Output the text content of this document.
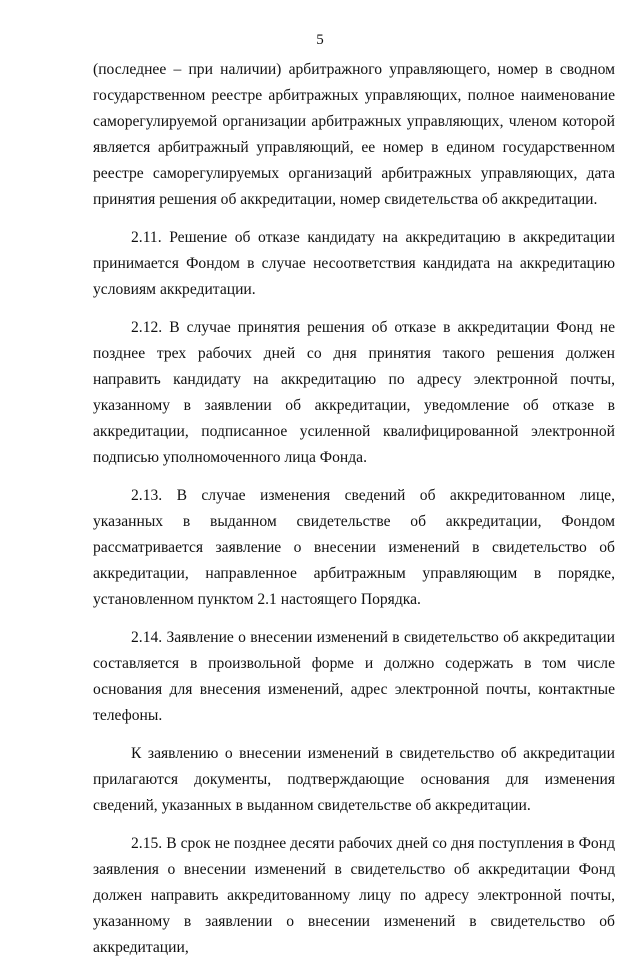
5

(последнее – при наличии) арбитражного управляющего, номер в сводном государственном реестре арбитражных управляющих, полное наименование саморегулируемой организации арбитражных управляющих, членом которой является арбитражный управляющий, ее номер в едином государственном реестре саморегулируемых организаций арбитражных управляющих, дата принятия решения об аккредитации, номер свидетельства об аккредитации.

2.11. Решение об отказе кандидату на аккредитацию в аккредитации принимается Фондом в случае несоответствия кандидата на аккредитацию условиям аккредитации.

2.12. В случае принятия решения об отказе в аккредитации Фонд не позднее трех рабочих дней со дня принятия такого решения должен направить кандидату на аккредитацию по адресу электронной почты, указанному в заявлении об аккредитации, уведомление об отказе в аккредитации, подписанное усиленной квалифицированной электронной подписью уполномоченного лица Фонда.

2.13. В случае изменения сведений об аккредитованном лице, указанных в выданном свидетельстве об аккредитации, Фондом рассматривается заявление о внесении изменений в свидетельство об аккредитации, направленное арбитражным управляющим в порядке, установленном пунктом 2.1 настоящего Порядка.

2.14. Заявление о внесении изменений в свидетельство об аккредитации составляется в произвольной форме и должно содержать в том числе основания для внесения изменений, адрес электронной почты, контактные телефоны.

К заявлению о внесении изменений в свидетельство об аккредитации прилагаются документы, подтверждающие основания для изменения сведений, указанных в выданном свидетельстве об аккредитации.

2.15. В срок не позднее десяти рабочих дней со дня поступления в Фонд заявления о внесении изменений в свидетельство об аккредитации Фонд должен направить аккредитованному лицу по адресу электронной почты, указанному в заявлении о внесении изменений в свидетельство об аккредитации,
